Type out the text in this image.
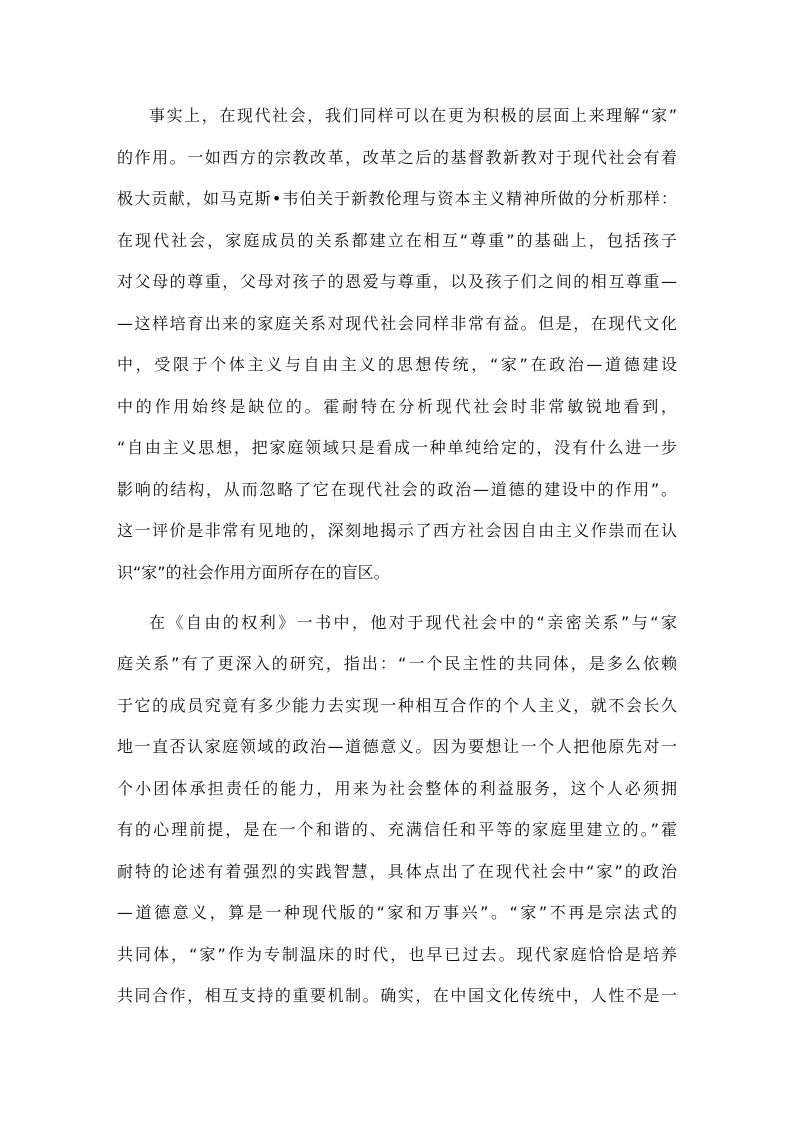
事实上，在现代社会，我们同样可以在更为积极的层面上来理解“家”
的作用。一如西方的宗教改革，改革之后的基督教新教对于现代社会有着
极大贡献，如马克斯•韦伯关于新教伦理与资本主义精神所做的分析那样：
在现代社会，家庭成员的关系都建立在相互“尊重”的基础上，包括孩子
对父母的尊重，父母对孩子的恩爱与尊重，以及孩子们之间的相互尊重—
—这样培育出来的家庭关系对现代社会同样非常有益。但是，在现代文化
中，受限于个体主义与自由主义的思想传统，“家”在政治—道德建设
中的作用始终是缺位的。霍耐特在分析现代社会时非常敏锐地看到，
“自由主义思想，把家庭领域只是看成一种单纯给定的，没有什么进一步
影响的结构，从而忽略了它在现代社会的政治—道德的建设中的作用”。
这一评价是非常有见地的，深刻地揭示了西方社会因自由主义作祟而在认
识“家”的社会作用方面所存在的盲区。
在《自由的权利》一书中，他对于现代社会中的“亲密关系”与“家
庭关系”有了更深入的研究，指出：“一个民主性的共同体，是多么依赖
于它的成员究竟有多少能力去实现一种相互合作的个人主义，就不会长久
地一直否认家庭领域的政治—道德意义。因为要想让一个人把他原先对一
个小团体承担责任的能力，用来为社会整体的利益服务，这个人必须拥
有的心理前提，是在一个和谐的、充满信任和平等的家庭里建立的。”霍
耐特的论述有着强烈的实践智慧，具体点出了在现代社会中“家”的政治
—道德意义，算是一种现代版的“家和万事兴”。“家”不再是宗法式的
共同体，“家”作为专制温床的时代，也早已过去。现代家庭恰恰是培养
共同合作，相互支持的重要机制。确实，在中国文化传统中，人性不是一
